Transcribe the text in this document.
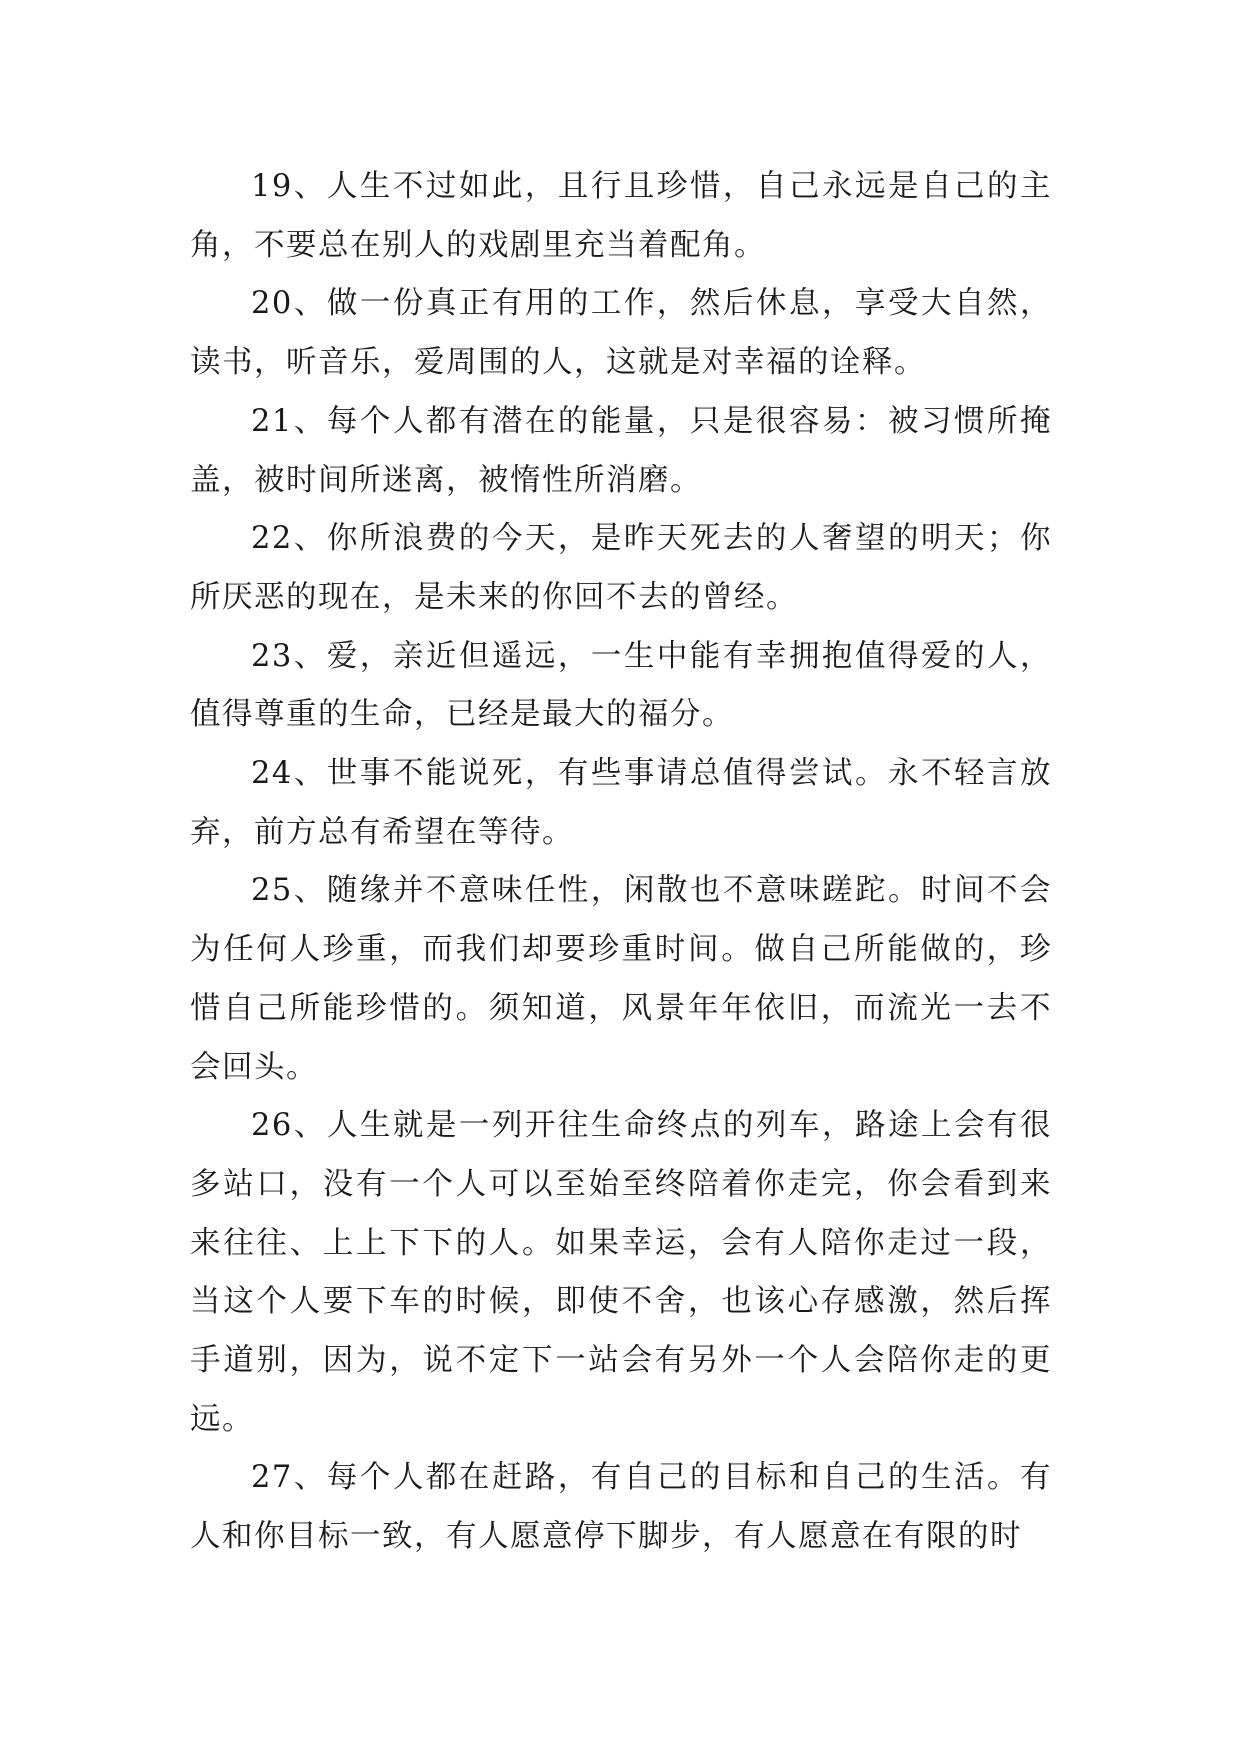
19、人生不过如此，且行且珍惜，自己永远是自己的主角，不要总在别人的戏剧里充当着配角。

20、做一份真正有用的工作，然后休息，享受大自然，读书，听音乐，爱周围的人，这就是对幸福的诠释。

21、每个人都有潜在的能量，只是很容易：被习惯所掩盖，被时间所迷离，被惰性所消磨。

22、你所浪费的今天，是昨天死去的人奢望的明天；你所厌恶的现在，是未来的你回不去的曾经。

23、爱，亲近但遥远，一生中能有幸拥抱值得爱的人，值得尊重的生命，已经是最大的福分。

24、世事不能说死，有些事请总值得尝试。永不轻言放弃，前方总有希望在等待。

25、随缘并不意味任性，闲散也不意味蹉跎。时间不会为任何人珍重，而我们却要珍重时间。做自己所能做的，珍惜自己所能珍惜的。须知道，风景年年依旧，而流光一去不会回头。

26、人生就是一列开往生命终点的列车，路途上会有很多站口，没有一个人可以至始至终陪着你走完，你会看到来来往往、上上下下的人。如果幸运，会有人陪你走过一段，当这个人要下车的时候，即使不舍，也该心存感激，然后挥手道别，因为，说不定下一站会有另外一个人会陪你走的更远。

27、每个人都在赶路，有自己的目标和自己的生活。有人和你目标一致，有人愿意停下脚步，有人愿意在有限的时
